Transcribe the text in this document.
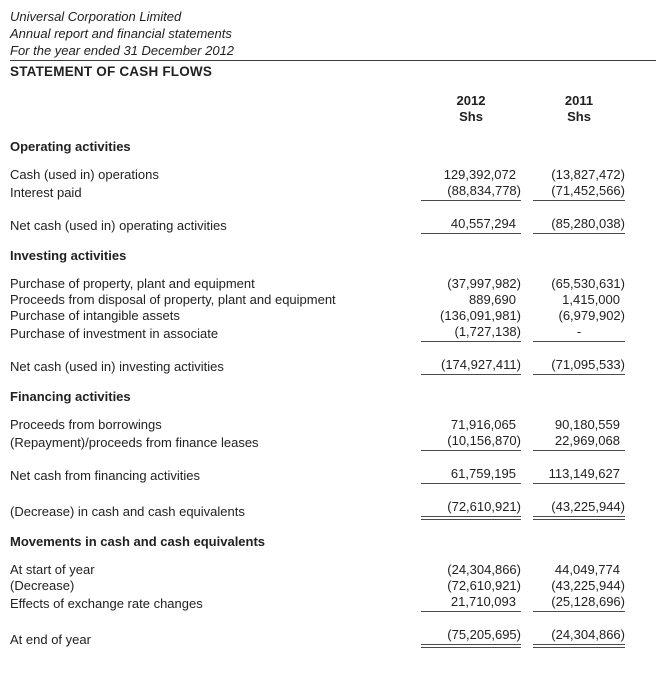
Universal Corporation Limited
Annual report and financial statements
For the year ended 31 December 2012
STATEMENT OF CASH FLOWS
2012	2011
Shs	Shs
Operating activities
Cash (used in) operations	129,392,072	(13,827,472)
Interest paid	(88,834,778)	(71,452,566)
Net cash (used in) operating activities	40,557,294	(85,280,038)
Investing activities
Purchase of property, plant and equipment	(37,997,982)	(65,530,631)
Proceeds from disposal of property, plant and equipment	889,690	1,415,000
Purchase of intangible assets	(136,091,981)	(6,979,902)
Purchase of investment in associate	(1,727,138)	-
Net cash (used in) investing activities	(174,927,411)	(71,095,533)
Financing activities
Proceeds from borrowings	71,916,065	90,180,559
(Repayment)/proceeds from finance leases	(10,156,870)	22,969,068
Net cash from financing activities	61,759,195	113,149,627
(Decrease) in cash and cash equivalents	(72,610,921)	(43,225,944)
Movements in cash and cash equivalents
At start of year	(24,304,866)	44,049,774
(Decrease)	(72,610,921)	(43,225,944)
Effects of exchange rate changes	21,710,093	(25,128,696)
At end of year	(75,205,695)	(24,304,866)
